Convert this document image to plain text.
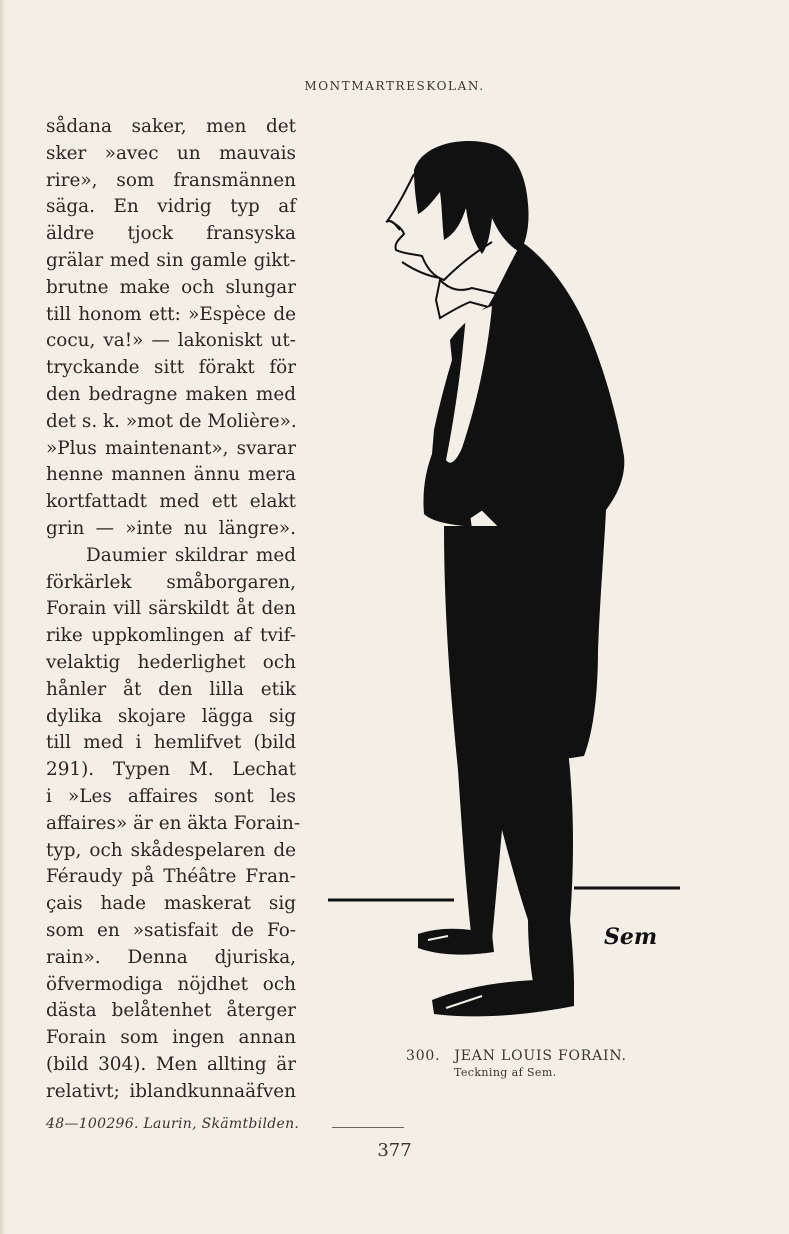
MONTMARTRESKOLAN.
sådana saker, men det
sker »avec un mauvais
rire», som fransmännen
säga. En vidrig typ af
äldre tjock fransyska
grälar med sin gamle gikt-
brutne make och slungar
till honom ett: »Espèce de
cocu, va!» — lakoniskt ut-
tryckande sitt förakt för
den bedragne maken med
det s. k. »mot de Molière».
»Plus maintenant», svarar
henne mannen ännu mera
kortfattadt med ett elakt
grin — »inte nu längre».
Daumier skildrar med
förkärlek småborgaren,
Forain vill särskildt åt den
rike uppkomlingen af tvif-
velaktig hederlighet och
hånler åt den lilla etik
dylika skojare lägga sig
till med i hemlifvet (bild
291). Typen M. Lechat
i »Les affaires sont les
affaires» är en äkta Forain-
typ, och skådespelaren de
Féraudy på Théâtre Fran-
çais hade maskerat sig
som en »satisfait de Fo-
rain». Denna djuriska,
öfvermodiga nöjdhet och
dästa belåtenhet återger
Forain som ingen annan
(bild 304). Men allting är
relativt; iblandkunnaäfven
Sem
300. JEAN LOUIS FORAIN.
Teckning af Sem.
48—100296. Laurin, Skämtbilden.
377
